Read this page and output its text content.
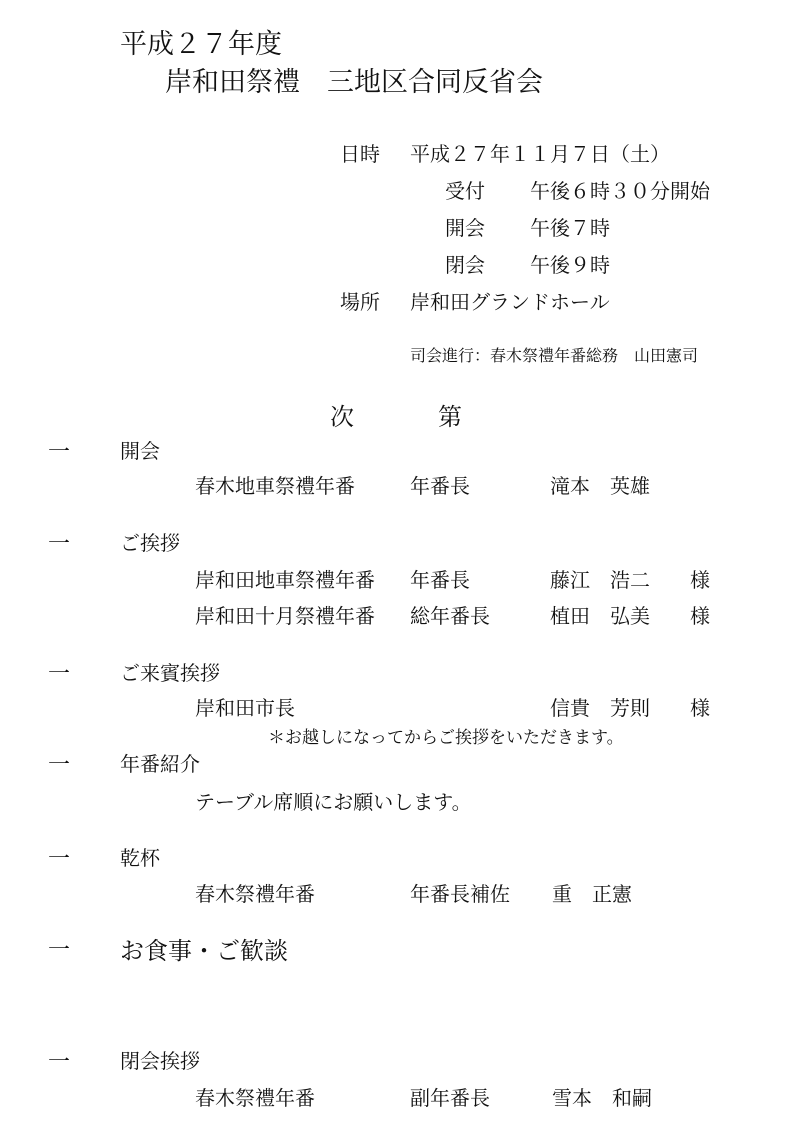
平成２７年度
岸和田祭禮　三地区合同反省会
日時 平成２７年１１月７日（土）
受付 午後６時３０分開始
開会 午後７時
閉会 午後９時
場所 岸和田グランドホール
司会進行：春木祭禮年番総務　山田憲司
次	第
一 開会
春木地車祭禮年番	年番長	滝本　英雄
一 ご挨拶
岸和田地車祭禮年番 年番長	藤江　浩二 様
岸和田十月祭禮年番 総年番長	植田　弘美 様
一 ご来賓挨拶
岸和田市長	信貴　芳則 様
＊お越しになってからご挨拶をいただきます。
一 年番紹介
テーブル席順にお願いします。
一 乾杯
春木祭禮年番	年番長補佐 重　正憲
一 お食事・ご歓談
一 閉会挨拶
春木祭禮年番	副年番長	雪本　和嗣
